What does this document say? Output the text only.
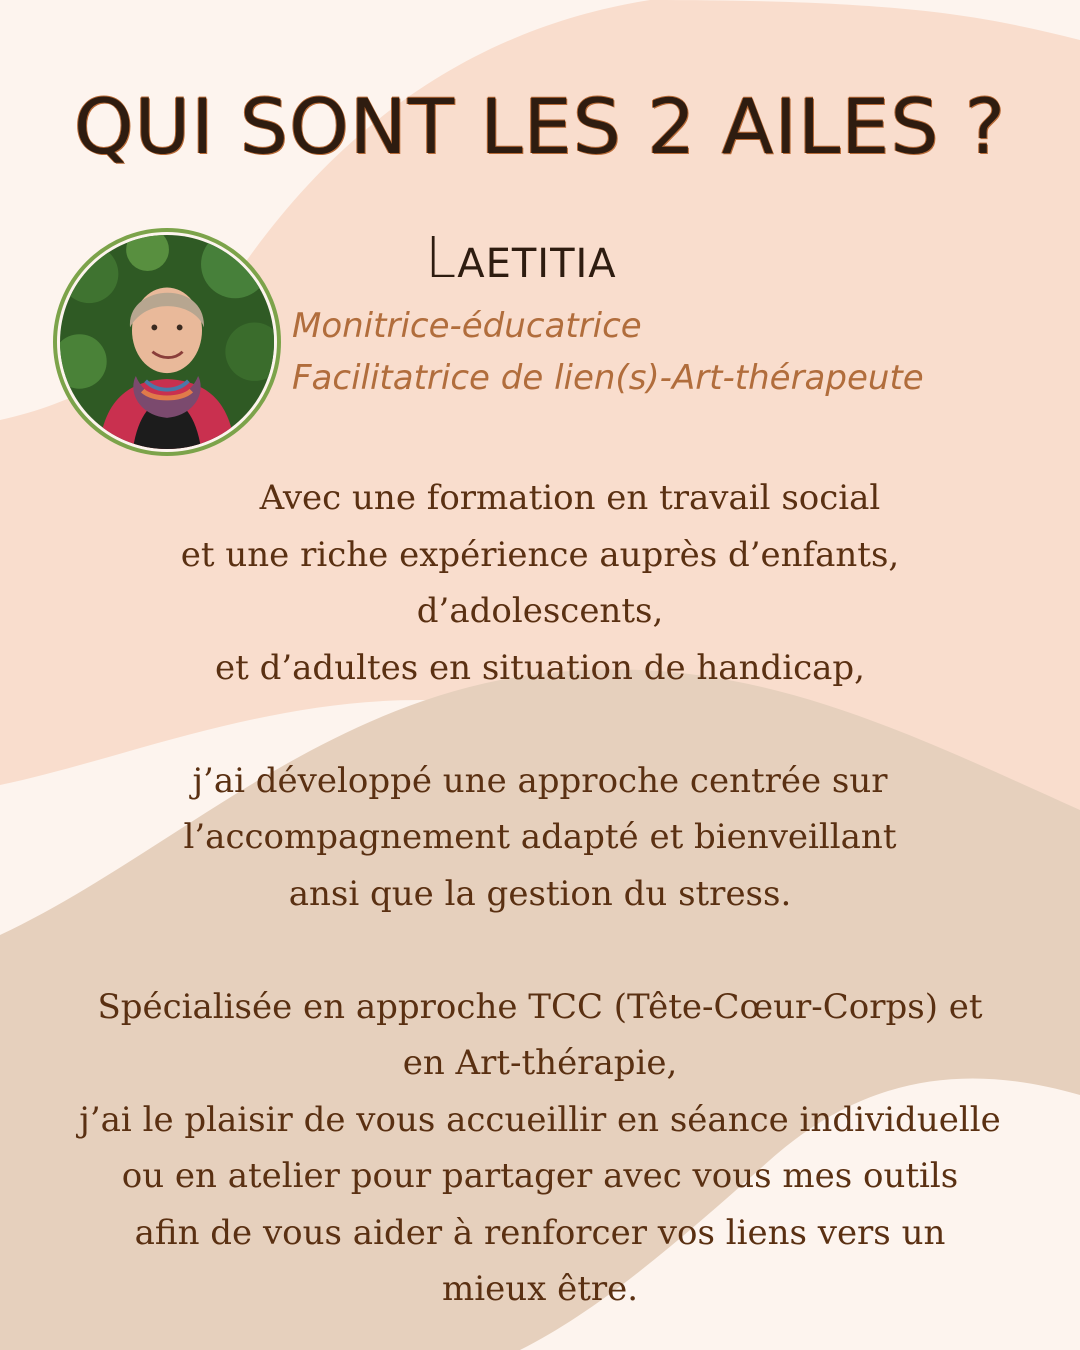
QUI SONT LES 2 AILES ?
LAETITIA
Monitrice-éducatrice
Facilitatrice de lien(s)-Art-thérapeute
Avec une formation en travail social
et une riche expérience auprès d’enfants,
d’adolescents,
et d’adultes en situation de handicap,
j’ai développé une approche centrée sur
l’accompagnement adapté et bienveillant
ansi que la gestion du stress.
Spécialisée en approche TCC (Tête-Cœur-Corps) et
en Art-thérapie,
j’ai le plaisir de vous accueillir en séance individuelle
ou en atelier pour partager avec vous mes outils
afin de vous aider à renforcer vos liens vers un
mieux être.
